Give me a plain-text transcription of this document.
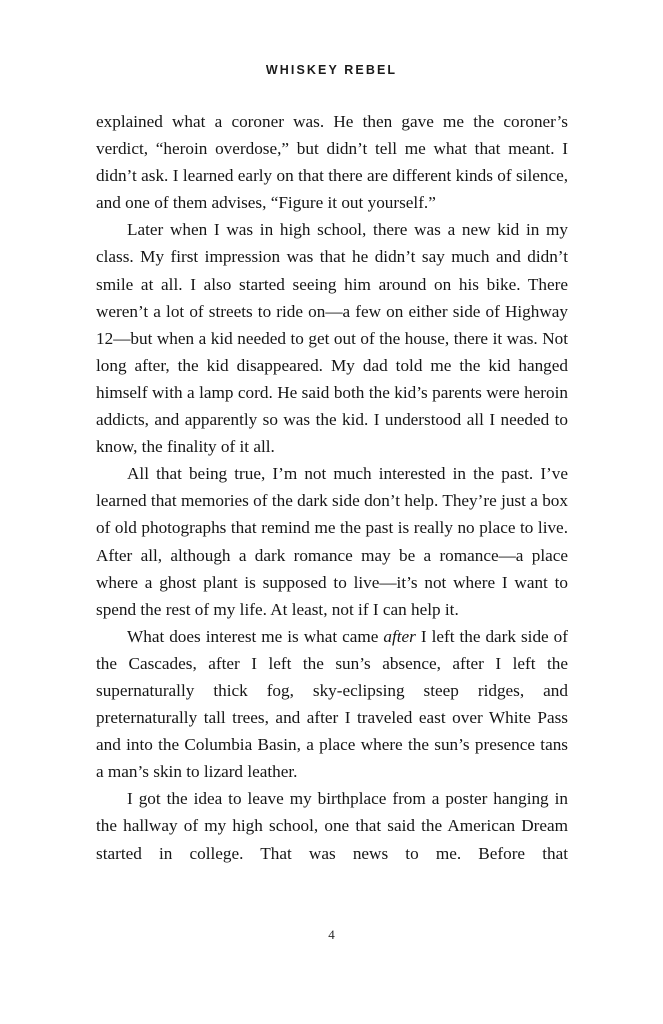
WHISKEY REBEL

explained what a coroner was. He then gave me the coroner’s verdict, “heroin overdose,” but didn’t tell me what that meant. I didn’t ask. I learned early on that there are different kinds of silence, and one of them advises, “Figure it out yourself.”

Later when I was in high school, there was a new kid in my class. My first impression was that he didn’t say much and didn’t smile at all. I also started seeing him around on his bike. There weren’t a lot of streets to ride on—a few on either side of Highway 12—but when a kid needed to get out of the house, there it was. Not long after, the kid disappeared. My dad told me the kid hanged himself with a lamp cord. He said both the kid’s parents were heroin addicts, and apparently so was the kid. I understood all I needed to know, the finality of it all.

All that being true, I’m not much interested in the past. I’ve learned that memories of the dark side don’t help. They’re just a box of old photographs that remind me the past is really no place to live. After all, although a dark romance may be a romance—a place where a ghost plant is supposed to live—it’s not where I want to spend the rest of my life. At least, not if I can help it.

What does interest me is what came after I left the dark side of the Cascades, after I left the sun’s absence, after I left the supernaturally thick fog, sky-eclipsing steep ridges, and preternaturally tall trees, and after I traveled east over White Pass and into the Columbia Basin, a place where the sun’s presence tans a man’s skin to lizard leather.

I got the idea to leave my birthplace from a poster hanging in the hallway of my high school, one that said the American Dream started in college. That was news to me. Before that

4
